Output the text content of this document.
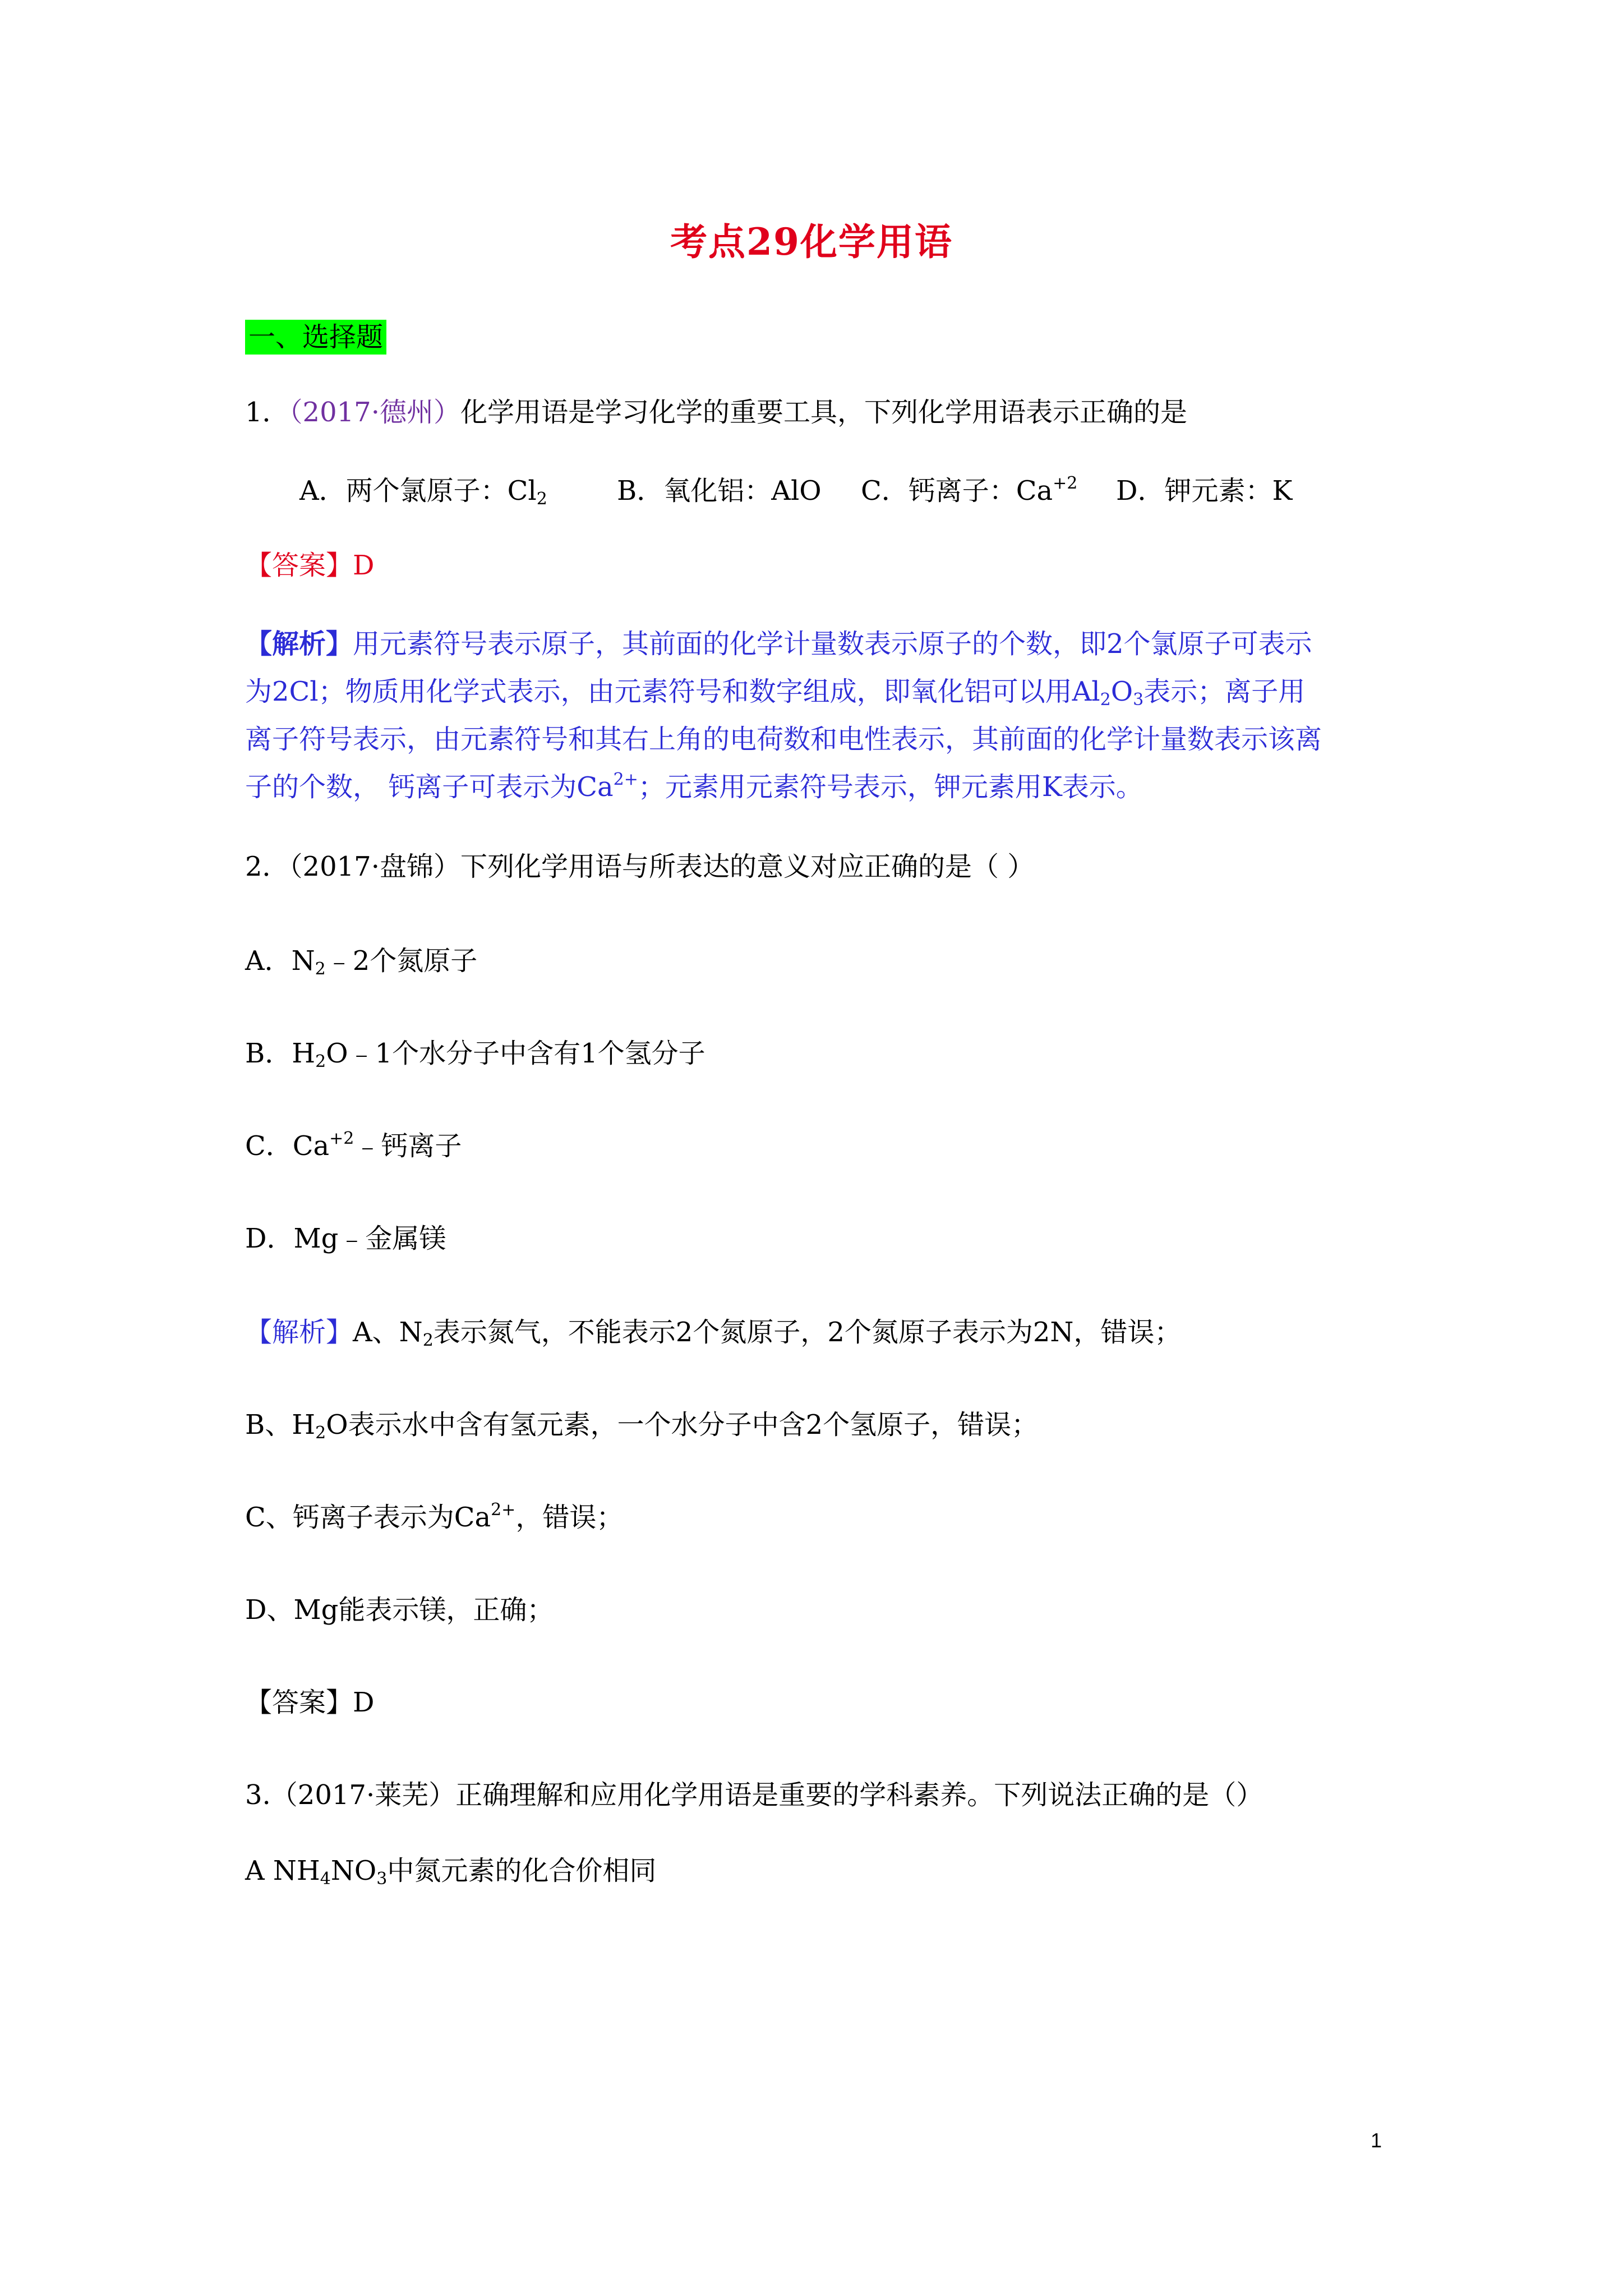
考点29化学用语
一、选择题
1．（2017·德州）化学用语是学习化学的重要工具，下列化学用语表示正确的是
A．两个氯原子：$Cl_2$	B．氧化铝：AlO C．钙离子：$Ca^{+2}$ D．钾元素：K
【答案】D
【解析】用元素符号表示原子，其前面的化学计量数表示原子的个数，即2个氯原子可表示
为2Cl；物质用化学式表示，由元素符号和数字组成，即氧化铝可以用$Al_2O_3$表示；离子用
离子符号表示，由元素符号和其右上角的电荷数和电性表示，其前面的化学计量数表示该离
子的个数， 钙离子可表示为$Ca^{2+}$；元素用元素符号表示，钾元素用K表示。
2．（2017·盘锦）下列化学用语与所表达的意义对应正确的是（ ）
A．$N_2﹣2$个氮原子
B．$H_2O﹣1$个水分子中含有1个氢分子
C．$Ca^{+2}﹣$钙离子
D．Mg﹣金属镁
【解析】A、$N_2$表示氮气，不能表示2个氮原子，2个氮原子表示为2N，错误；
B、$H_2O$表示水中含有氢元素，一个水分子中含2个氢原子，错误；
C、钙离子表示为$Ca^{2+}$，错误；
D、Mg能表示镁，正确；
【答案】D
3.（2017·莱芜）正确理解和应用化学用语是重要的学科素养。下列说法正确的是（）
A $NH_4NO_3$中氮元素的化合价相同
1
